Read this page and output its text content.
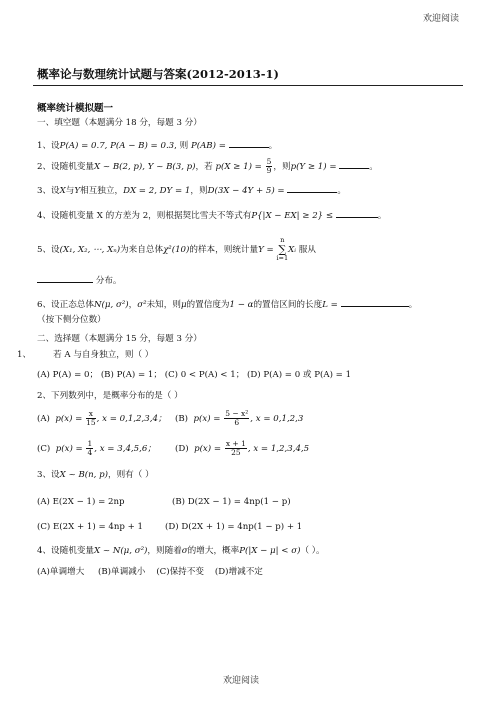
欢迎阅读
概率论与数理统计试题与答案(2012-2013-1)
概率统计模拟题一
一、填空题（本题满分 18 分，每题 3 分）
1、设P(A) = 0.7, P(A − B) = 0.3, 则 P(AB) =	。
2、设随机变量X ~ B(2, p), Y ~ B(3, p)，若 $p(X \ge 1) = \frac{5}{9}$ ，则p(Y ≥ 1) =	。
3、设X与Y相互独立，DX = 2, DY = 1，则D(3X − 4Y + 5) =	。
4、设随机变量 X 的方差为 2，则根据契比雪夫不等式有P{|X − EX| ≥ 2} ≤	。
5、设(X₁, X₂, ⋯, Xₙ)为来自总体χ²(10)的样本，则统计量Y = n
∑
i=1Xᵢ 服从
分布。
6、设正态总体N(μ, σ²)，σ²未知，则μ的置信度为1 − α的置信区间的长度L =	。
（按下侧分位数）
二、选择题（本题满分 15 分，每题 3 分）
1、	若 A 与自身独立，则（ ）
(A) P(A) = 0； (B) P(A) = 1； (C) 0 < P(A) < 1； (D) P(A) = 0 或 P(A) = 1
2、下列数列中，是概率分布的是（ ）
(A) $p(x) = \frac{x}{15}$ , x = 0,1,2,3,4； (B) $p(x) = \frac{\text{5 − x²}}{6}$ , x = 0,1,2,3
(C) $p(x) = \frac{1}{4}$ , x = 3,4,5,6； (D) $p(x) = \frac{x + 1}{25}$ , x = 1,2,3,4,5
3、设X ~ B(n, p)，则有（ ）
(A) E(2X − 1) = 2np	(B) D(2X − 1) = 4np(1 − p)
(C) E(2X + 1) = 4np + 1	(D) D(2X + 1) = 4np(1 − p) + 1
4、设随机变量X ~ N(μ, σ²)，则随着σ的增大，概率P(|X − μ| < σ)（ ）。
(A)单调增大 (B)单调减小 (C)保持不变 (D)增减不定
欢迎阅读
